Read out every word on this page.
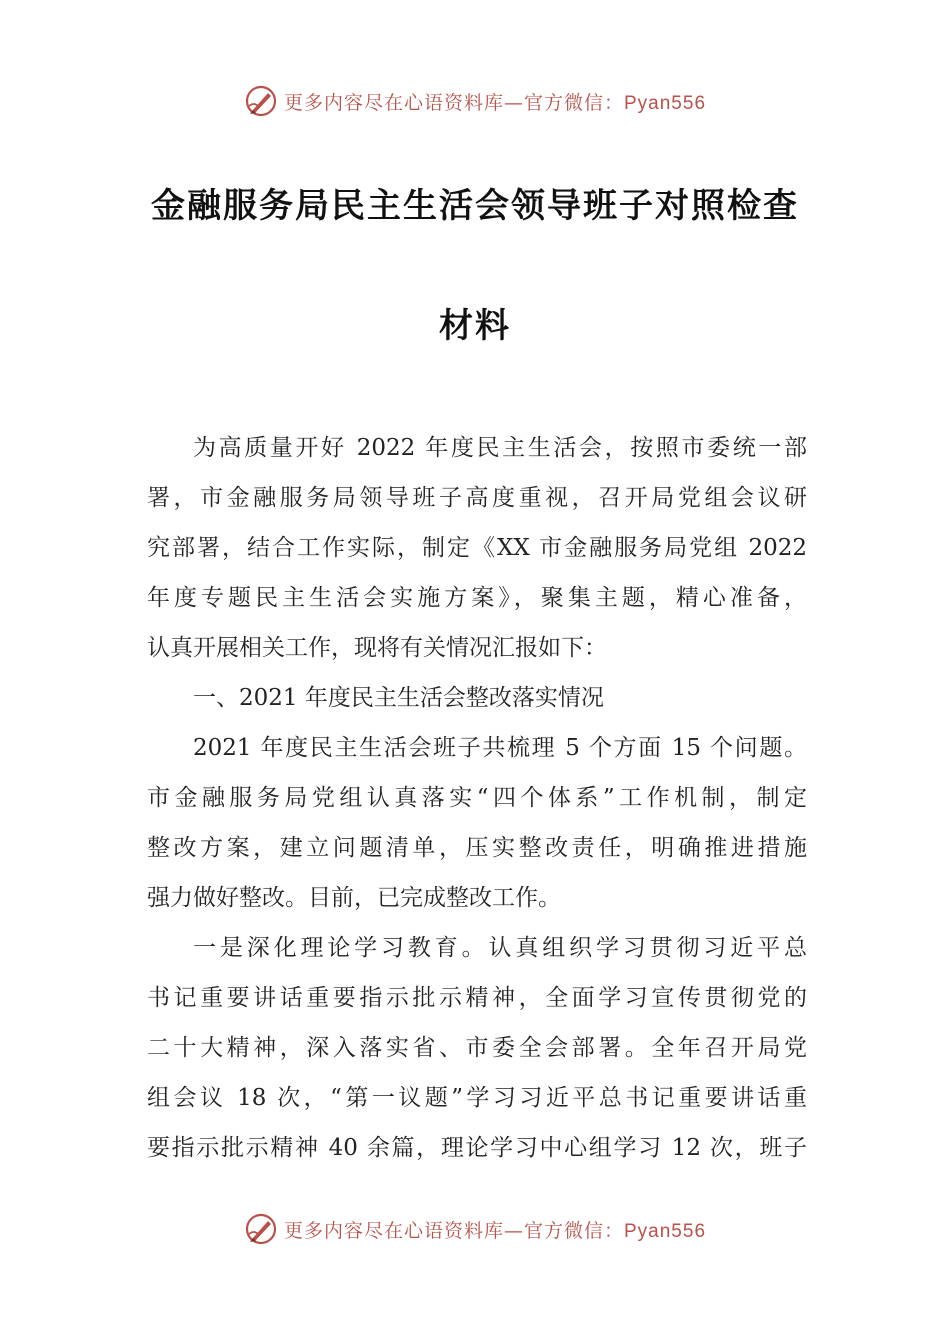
更多内容尽在心语资料库—官方微信：Pyan556
金融服务局民主生活会领导班子对照检查
材料
为高质量开好 2022 年度民主生活会，按照市委统一部
署，市金融服务局领导班子高度重视，召开局党组会议研
究部署，结合工作实际，制定《XX 市金融服务局党组 2022
年度专题民主生活会实施方案》，聚集主题，精心准备，
认真开展相关工作，现将有关情况汇报如下：
一、2021 年度民主生活会整改落实情况
2021 年度民主生活会班子共梳理 5 个方面 15 个问题。
市金融服务局党组认真落实“四个体系”工作机制，制定
整改方案，建立问题清单，压实整改责任，明确推进措施
强力做好整改。目前，已完成整改工作。
一是深化理论学习教育。认真组织学习贯彻习近平总
书记重要讲话重要指示批示精神，全面学习宣传贯彻党的
二十大精神，深入落实省、市委全会部署。全年召开局党
组会议 18 次，“第一议题”学习习近平总书记重要讲话重
要指示批示精神 40 余篇，理论学习中心组学习 12 次，班子
更多内容尽在心语资料库—官方微信：Pyan556
